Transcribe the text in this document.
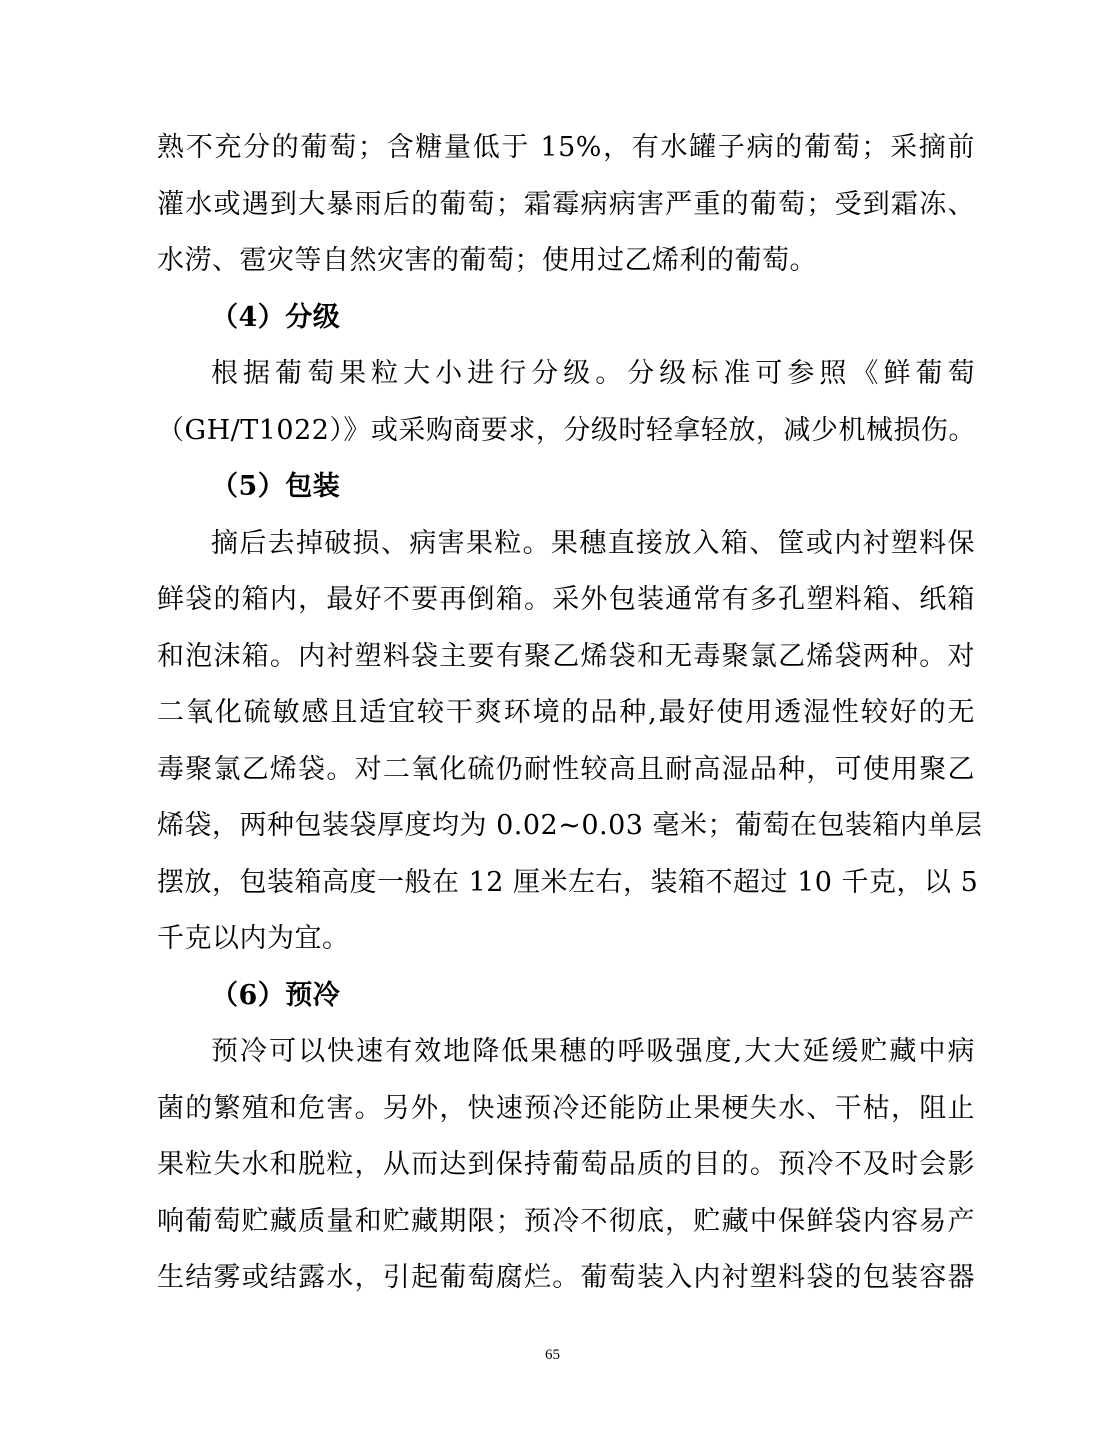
熟不充分的葡萄；含糖量低于 15%，有水罐子病的葡萄；采摘前
灌水或遇到大暴雨后的葡萄；霜霉病病害严重的葡萄；受到霜冻、
水涝、雹灾等自然灾害的葡萄；使用过乙烯利的葡萄。
（4）分级
根据葡萄果粒大小进行分级。分级标准可参照《鲜葡萄
（GH/T1022）》或采购商要求，分级时轻拿轻放，减少机械损伤。
（5）包装
摘后去掉破损、病害果粒。果穗直接放入箱、筐或内衬塑料保
鲜袋的箱内，最好不要再倒箱。采外包装通常有多孔塑料箱、纸箱
和泡沫箱。内衬塑料袋主要有聚乙烯袋和无毒聚氯乙烯袋两种。对
二氧化硫敏感且适宜较干爽环境的品种,最好使用透湿性较好的无
毒聚氯乙烯袋。对二氧化硫仍耐性较高且耐高湿品种，可使用聚乙
烯袋，两种包装袋厚度均为 0.02~0.03 毫米；葡萄在包装箱内单层
摆放，包装箱高度一般在 12 厘米左右，装箱不超过 10 千克，以 5
千克以内为宜。
（6）预冷
预冷可以快速有效地降低果穗的呼吸强度,大大延缓贮藏中病
菌的繁殖和危害。另外，快速预冷还能防止果梗失水、干枯，阻止
果粒失水和脱粒，从而达到保持葡萄品质的目的。预冷不及时会影
响葡萄贮藏质量和贮藏期限；预冷不彻底，贮藏中保鲜袋内容易产
生结雾或结露水，引起葡萄腐烂。葡萄装入内衬塑料袋的包装容器
65
